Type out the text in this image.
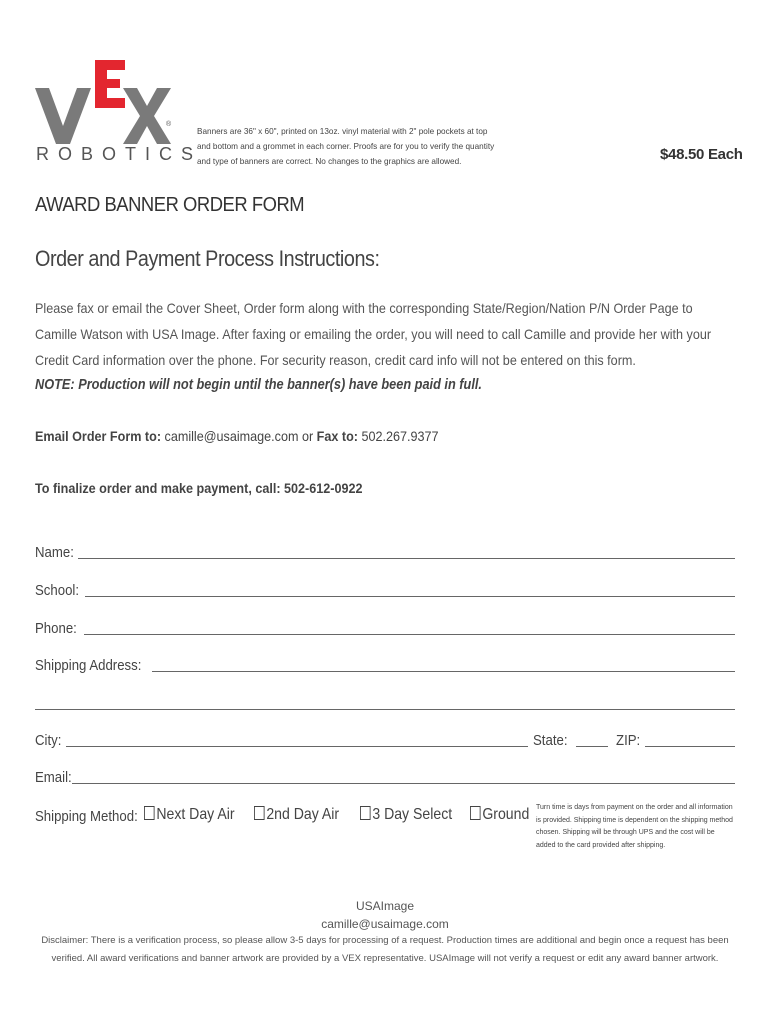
®
ROBOTICS
Banners are 36" x 60", printed on 13oz. vinyl material with 2" pole pockets at top and bottom and a grommet in each corner. Proofs are for you to verify the quantity and type of banners are correct. No changes to the graphics are allowed.	$48.50 Each
AWARD BANNER ORDER FORM
Order and Payment Process Instructions:
Please fax or email the Cover Sheet, Order form along with the corresponding State/Region/Nation P/N Order Page to
Camille Watson with USA Image. After faxing or emailing the order, you will need to call Camille and provide her with your
Credit Card information over the phone. For security reason, credit card info will not be entered on this form.
NOTE: Production will not begin until the banner(s) have been paid in full.
Email Order Form to: camille@usaimage.com or Fax to: 502.267.9377
To finalize order and make payment, call: 502-612-0922
Name:
School:
Phone:
Shipping Address:
City:	State:	ZIP:
Email:
Shipping Method:	Next Day Air	2nd Day Air	3 Day Select	Ground Turn time is days from payment on the order and all information is provided. Shipping time is dependent on the shipping method chosen. Shipping will be through UPS and the cost will be added to the card provided after shipping.
USAImage
camille@usaimage.com
Disclaimer: There is a verification process, so please allow 3-5 days for processing of a request. Production times are additional and begin once a request has been
verified. All award verifications and banner artwork are provided by a VEX representative. USAImage will not verify a request or edit any award banner artwork.
